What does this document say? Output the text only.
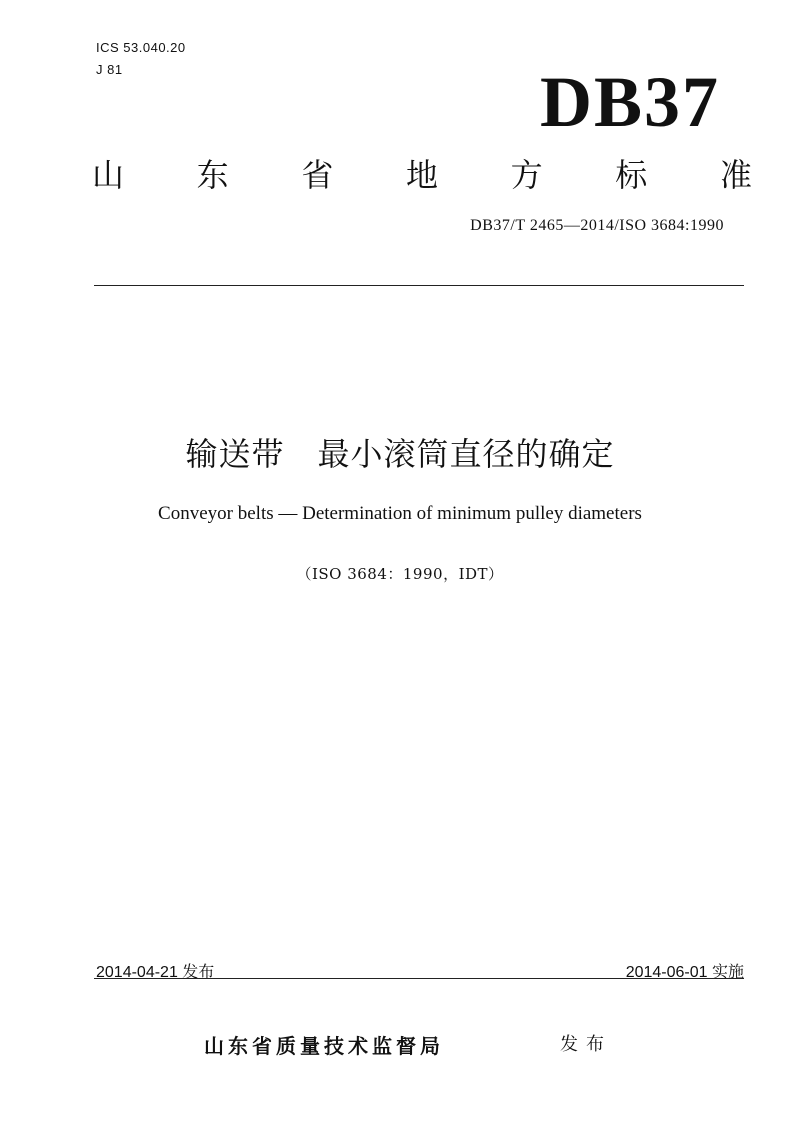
ICS 53.040.20
J 81	DB37
山 东 省 地 方 标 准
DB37/T 2465—2014/ISO 3684:1990
输送带　最小滚筒直径的确定
Conveyor belts — Determination of minimum pulley diameters
（ISO 3684：1990，IDT）
2014-04-21 发布	2014-06-01 实施
山东省质量技术监督局	发布
